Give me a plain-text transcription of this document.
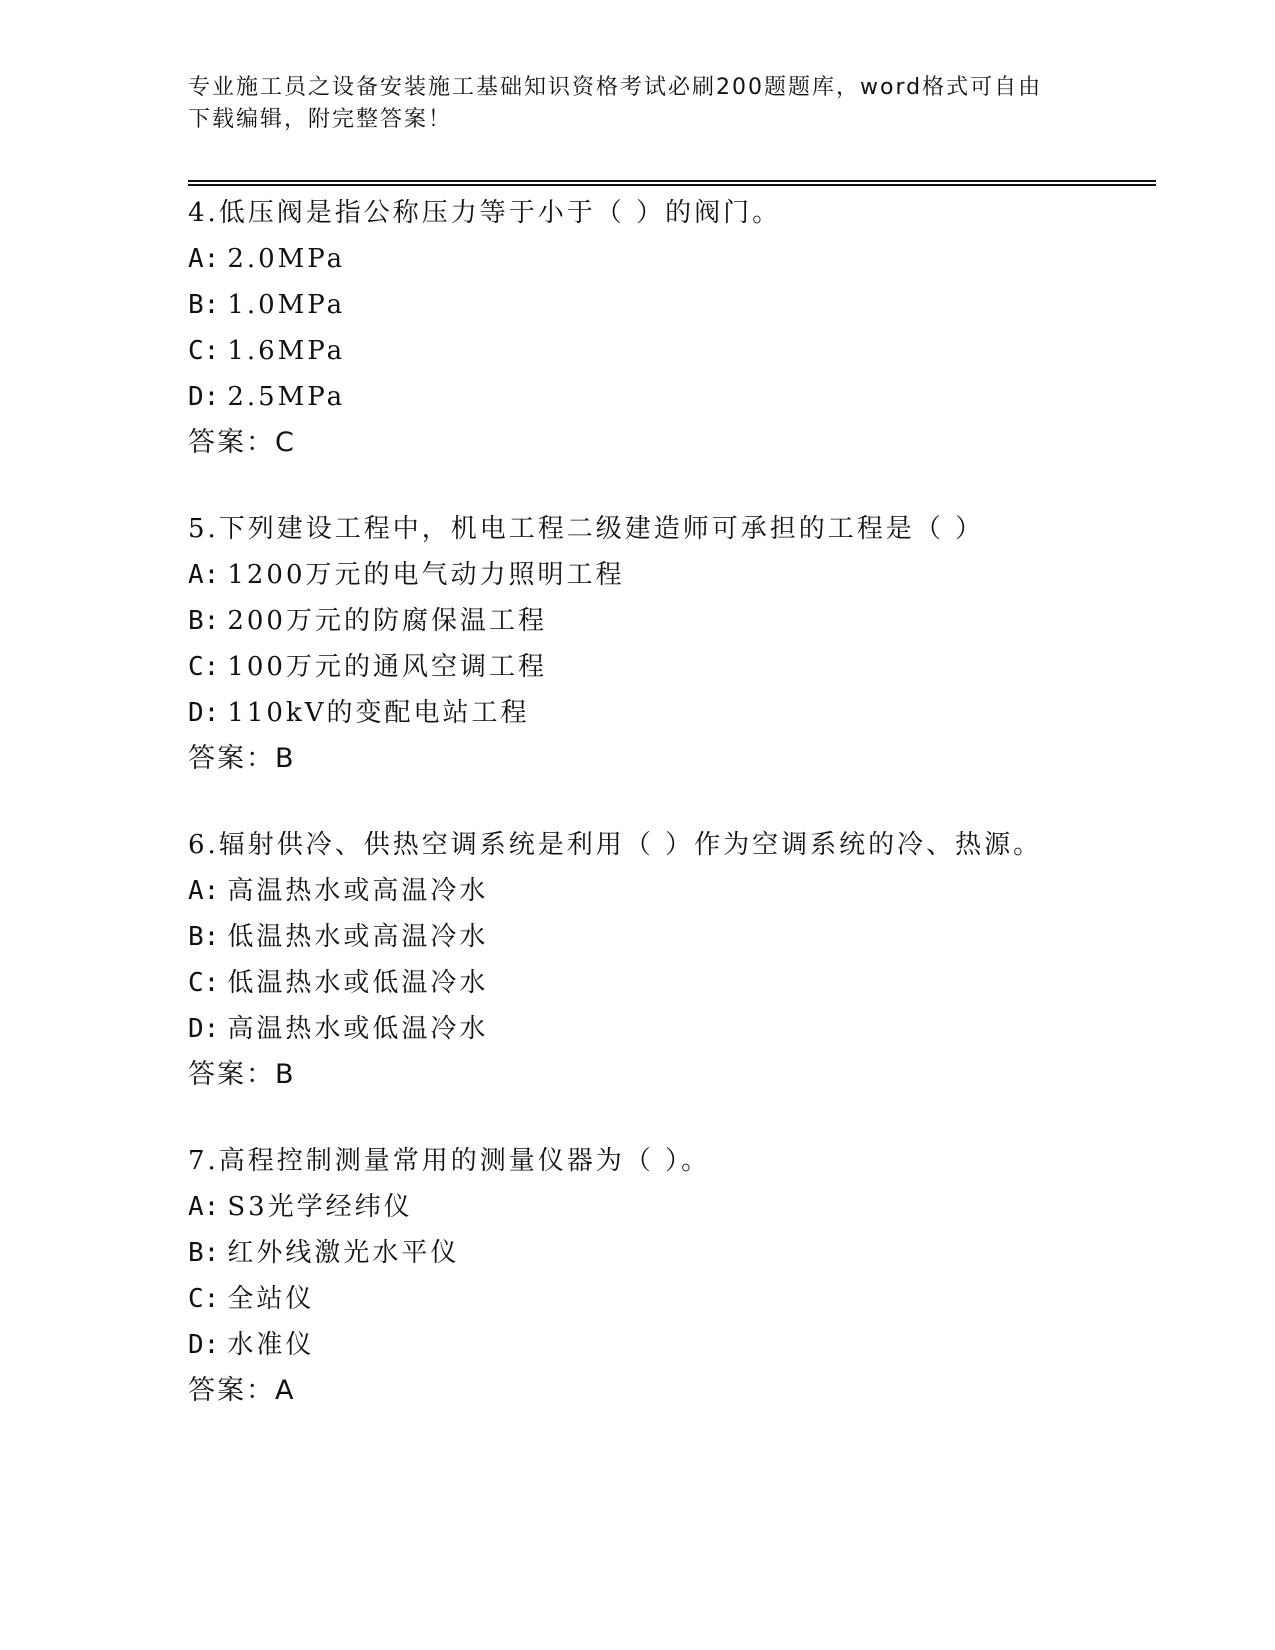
专业施工员之设备安装施工基础知识资格考试必刷200题题库，word格式可自由
下载编辑，附完整答案！
4.低压阀是指公称压力等于小于（ ）的阀门。
A: 2.0MPa
B: 1.0MPa
C: 1.6MPa
D: 2.5MPa
答案：C
5.下列建设工程中，机电工程二级建造师可承担的工程是（ ）
A: 1200万元的电气动力照明工程
B: 200万元的防腐保温工程
C: 100万元的通风空调工程
D: 110kV的变配电站工程
答案：B
6.辐射供冷、供热空调系统是利用（ ）作为空调系统的冷、热源。
A: 高温热水或高温冷水
B: 低温热水或高温冷水
C: 低温热水或低温冷水
D: 高温热水或低温冷水
答案：B
7.高程控制测量常用的测量仪器为（ ）。
A: S3光学经纬仪
B: 红外线激光水平仪
C: 全站仪
D: 水准仪
答案：A
